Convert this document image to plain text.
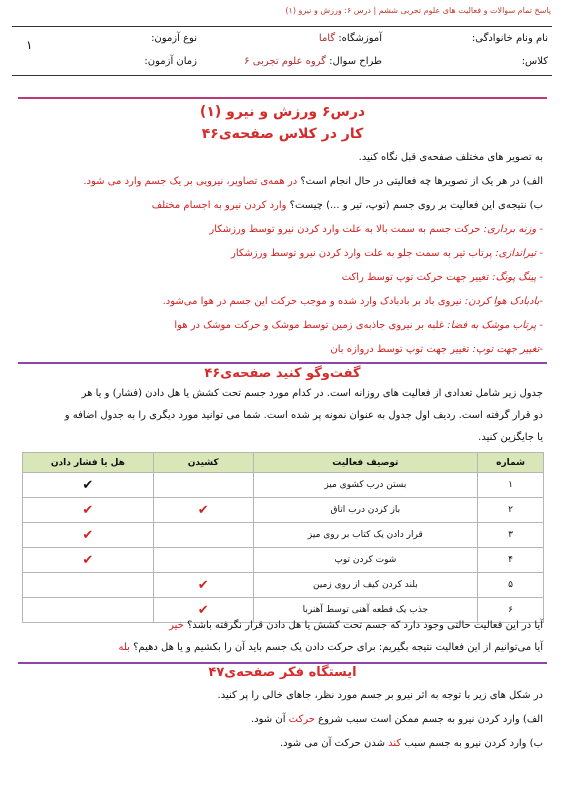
پاسخ تمام سوالات و فعالیت های علوم تجربی ششم | درس ۶: ورزش و نیرو (۱)
نام ونام خانوادگی:
آموزشگاه: گاما
نوع آزمون:
کلاس:
طراح سوال: گروه علوم تجربی ۶
زمان آزمون:
۱
درس۶ ورزش و نیرو (۱)
کار در کلاس صفحه‌ی۴۶
به تصویر های مختلف صفحه‌ی قبل نگاه کنید.
الف) در هر یک از تصویرها چه فعالیتی در حال انجام است؟ در همه‌ی تصاویر، نیرویی بر یک جسم وارد می شود.
ب) نتیجه‌ی این فعالیت بر روی جسم (توپ، تیر و ...) چیست؟ وارد کردن نیرو به اجسام مختلف
- وزنه برداری: حرکت جسم به سمت بالا به علت وارد کردن نیرو توسط ورزشکار
- تیراندازی: پرتاب تیر به سمت جلو به علت وارد کردن نیرو توسط ورزشکار
- پینگ پونگ: تغییر جهت حرکت توپ توسط راکت
-بادبادک هوا کردن: نیروی باد بر بادبادک وارد شده و موجب حرکت این جسم در هوا می‌شود.
- پرتاب موشک به فضا: غلبه بر نیروی جاذبه‌ی زمین توسط موشک و حرکت موشک در هوا
-تغییر جهت توپ: تغییر جهت توپ توسط دروازه بان
گفت‌وگو کنید صفحه‌ی۴۶
جدول زیر شامل تعدادی از فعالیت های روزانه است. در کدام مورد جسم تحت کشش یا هل دادن (فشار) و یا هر
دو قرار گرفته است. ردیف اول جدول به عنوان نمونه پر شده است. شما می توانید مورد دیگری را به جدول اضافه و
یا جایگزین کنید.
شماره	توصیف فعالیت	کشیدن	هل یا فشار دادن
۱	بستن درب کشوی میز		✔
۲	باز کردن درب اتاق	✔	✔
۳	قرار دادن یک کتاب بر روی میز		✔
۴	شوت کردن توپ		✔
۵	بلند کردن کیف از روی زمین	✔	
۶	جذب یک قطعه آهنی توسط آهنربا	✔	
آیا در این فعالیت حالتی وجود دارد که جسم تحت کشش یا هل دادن قرار نگرفته باشد؟ خیر
آیا می‌توانیم از این فعالیت نتیجه بگیریم: برای حرکت دادن یک جسم باید آن را بکشیم و یا هل دهیم؟ بله
ایستگاه فکر صفحه‌ی۴۷
در شکل های زیر با توجه به اثر نیرو بر جسم مورد نظر، جاهای خالی را پر کنید.
الف) وارد کردن نیرو به جسم ممکن است سبب شروع حرکت آن شود.
ب) وارد کردن نیرو به جسم سبب کند شدن حرکت آن می شود.
